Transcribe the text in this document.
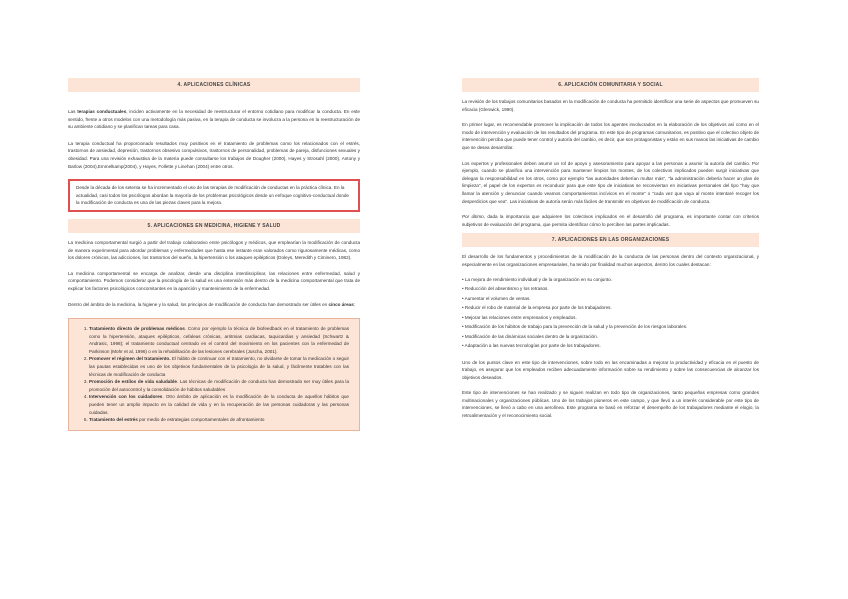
4. APLICACIONES CLÍNICAS

Las terapias conductuales, inciden activamente en la necesidad de reestructurar el entorno cotidiano para modificar la conducta. En este sentido, frente a otros modelos con una metodología más pasiva, en la terapia de conducta se involucra a la persona en la reestructuración de su ambiente cotidiano y se planifican tareas para casa.

La terapia conductual ha proporcionado resultados muy positivos en el tratamiento de problemas como los relacionados con el estrés, trastornos de ansiedad, depresión, trastornos obsesivo compulsivos, trastornos de personalidad, problemas de pareja, disfunciones sexuales y obesidad. Para una revisión exhaustiva de la materia puede consultarse los trabajos de Dougher (2000), Hayes y Strosahl (2000), Antony y Barlow (2004),Emmelkamp(2004), y Hayes, Follette y Linehan (2004) entre otros.

Desde la década de los setenta se ha incrementado el uso de las terapias de modificación de conductas en la práctica clínica. En la actualidad, casi todos los psicólogos abordan la mayoría de los problemas psicológicos desde un enfoque cognitivo-conductual donde la modificación de conducta es una de las piezas claves para la mejora.
5. APLICACIONES EN MEDICINA, HIGIENE Y SALUD

La medicina comportamental surgió a partir del trabajo colaborativo entre psicólogos y médicos, que emplearían la modificación de conducta de manera experimental para abordar problemas y enfermedades que hasta ese instante eran valorados como rigurosamente médicas, como los dolores crónicos, las adicciones, los trastornos del sueño, la hipertensión o los ataques epilépticos (Doleys, Meredith y Ciminero, 1982).

La medicina comportamental se encarga de analizar, desde una disciplina interdisciplinar, las relaciones entre enfermedad, salud y comportamiento. Podemos considerar que la psicología de la salud es una extensión más dentro de la medicina comportamental que trata de explicar los factores psicológicos concomitantes en la aparición y mantenimiento de la enfermedad.

Dentro del ámbito de la medicina, la higiene y la salud, los principios de modificación de conducta han demostrado ser útiles en cinco áreas:

1. Tratamiento directo de problemas médicos. Como por ejemplo la técnica de biofeedback en el tratamiento de problemas como la hipertensión, ataques epilépticos, cefaleas crónicas, arritmias cardiacas, taquicardias y ansiedad (Schwartz & Andrasic, 1998); el tratamiento conductual centrado en el control del movimiento en los pacientes con la enfermedad de Parkinson (Mohr et al, 1996) o en la rehabilitación de las lesiones cerebrales (Juscha, 2001).
2. Promover el régimen del tratamiento. El hábito de continuar con el tratamiento, no olvidarse de tomar la medicación o seguir las pautas establecidas es uno de los objetivos fundamentales de la psicología de la salud, y fácilmente tratables con las técnicas de modificación de conducta
3. Promoción de estilos de vida saludable. Las técnicas de modificación de conducta han demostrado ser muy útiles para la promoción del autocontrol y la consolidación de hábitos saludables
4. Intervención con los cuidadores. Otro ámbito de aplicación es la modificación de la conducta de aquellos hábitos que pueden tener un amplio impacto en la calidad de vida y en la recuperación de las personas cuidadoras y las personas cuidadas.
5. Tratamiento del estrés por medio de estrategias comportamentales de afrontamiento
6. APLICACIÓN COMUNITARIA Y SOCIAL

La revisión de los trabajos comunitarios basados en la modificación de conducta ha permitido identificar una serie de aspectos que promueven su eficacia (Glenwick, 1990).

En primer lugar, es recomendable promover la implicación de todos los agentes involucrados en la elaboración de los objetivos así como en el modo de intervención y evaluación de los resultados del programa. En este tipo de programas comunitarios, es positivo que el colectivo objeto de intervención perciba que puede tener control y autoría del cambio, es decir, que son protagonistas y están en sus manos las iniciativas de cambio que se desea desarrollar.

Los expertos y profesionales deben asumir un rol de apoyo y asesoramiento para apoyar a las personas a asumir la autoría del cambio. Por ejemplo, cuando se planifica una intervención para mantener limpios los montes, de los colectivos implicados pueden surgir iniciativas que delegan la responsabilidad en los otros, como por ejemplo "las autoridades deberían multar más", "la administración debería hacer un plan de limpieza", el papel de los expertos es reconducir para que este tipo de iniciativas se reconviertan en iniciativas personales del tipo "hay que llamar la atención y denunciar cuando veamos comportamientos incívicos en el monte" o "cada vez que vaya al monte intentaré recoger los desperdicios que vea". Las iniciativas de autoría serán más fáciles de transmitir en objetivos de modificación de conducta.

Por último, dada la importancia que adquieren los colectivos implicados en el desarrollo del programa, es importante contar con criterios subjetivos de evaluación del programa, que permita identificar cómo lo perciben las partes implicadas.

7. APLICACIONES EN LAS ORGANIZACIONES

El desarrollo de los fundamentos y procedimientos de la modificación de la conducta de las personas dentro del contexto organizacional, y especialmente en las organizaciones empresariales, ha tenido por finalidad muchos aspectos, dentro los cuales destacan:

• La mejora de rendimiento individual y de la organización en su conjunto.
• Reducción del absentismo y los retrasos.
• Aumentar el volumen de ventas.
• Reducir el robo de material de la empresa por parte de los trabajadores.
• Mejorar las relaciones entre empresarios y empleados.
• Modificación de los hábitos de trabajo para la prevención de la salud y la prevención de los riesgos laborales.
• Modificación de las dinámicas sociales dentro de la organización.
• Adaptación a las nuevas tecnologías por parte de los trabajadores.

Uno de los puntos clave en este tipo de intervenciones, sobre todo en las encaminadas a mejorar la productividad y eficacia en el puesto de trabajo, es asegurar que los empleados reciben adecuadamente información sobre su rendimiento y sobre las consecuencias de alcanzar los objetivos deseados.

Este tipo de intervenciones se han realizado y se siguen realizan en todo tipo de organizaciones, tanto pequeñas empresas como grandes multinacionales y organizaciones públicas. Uno de los trabajos pioneros en este campo, y que llevó a un interés considerable por este tipo de intervenciones, se llevó a cabo en una aerolínea. Este programa se basó en reforzar el desempeño de los trabajadores mediante el elogio, la retroalimentación y el reconocimiento social.
